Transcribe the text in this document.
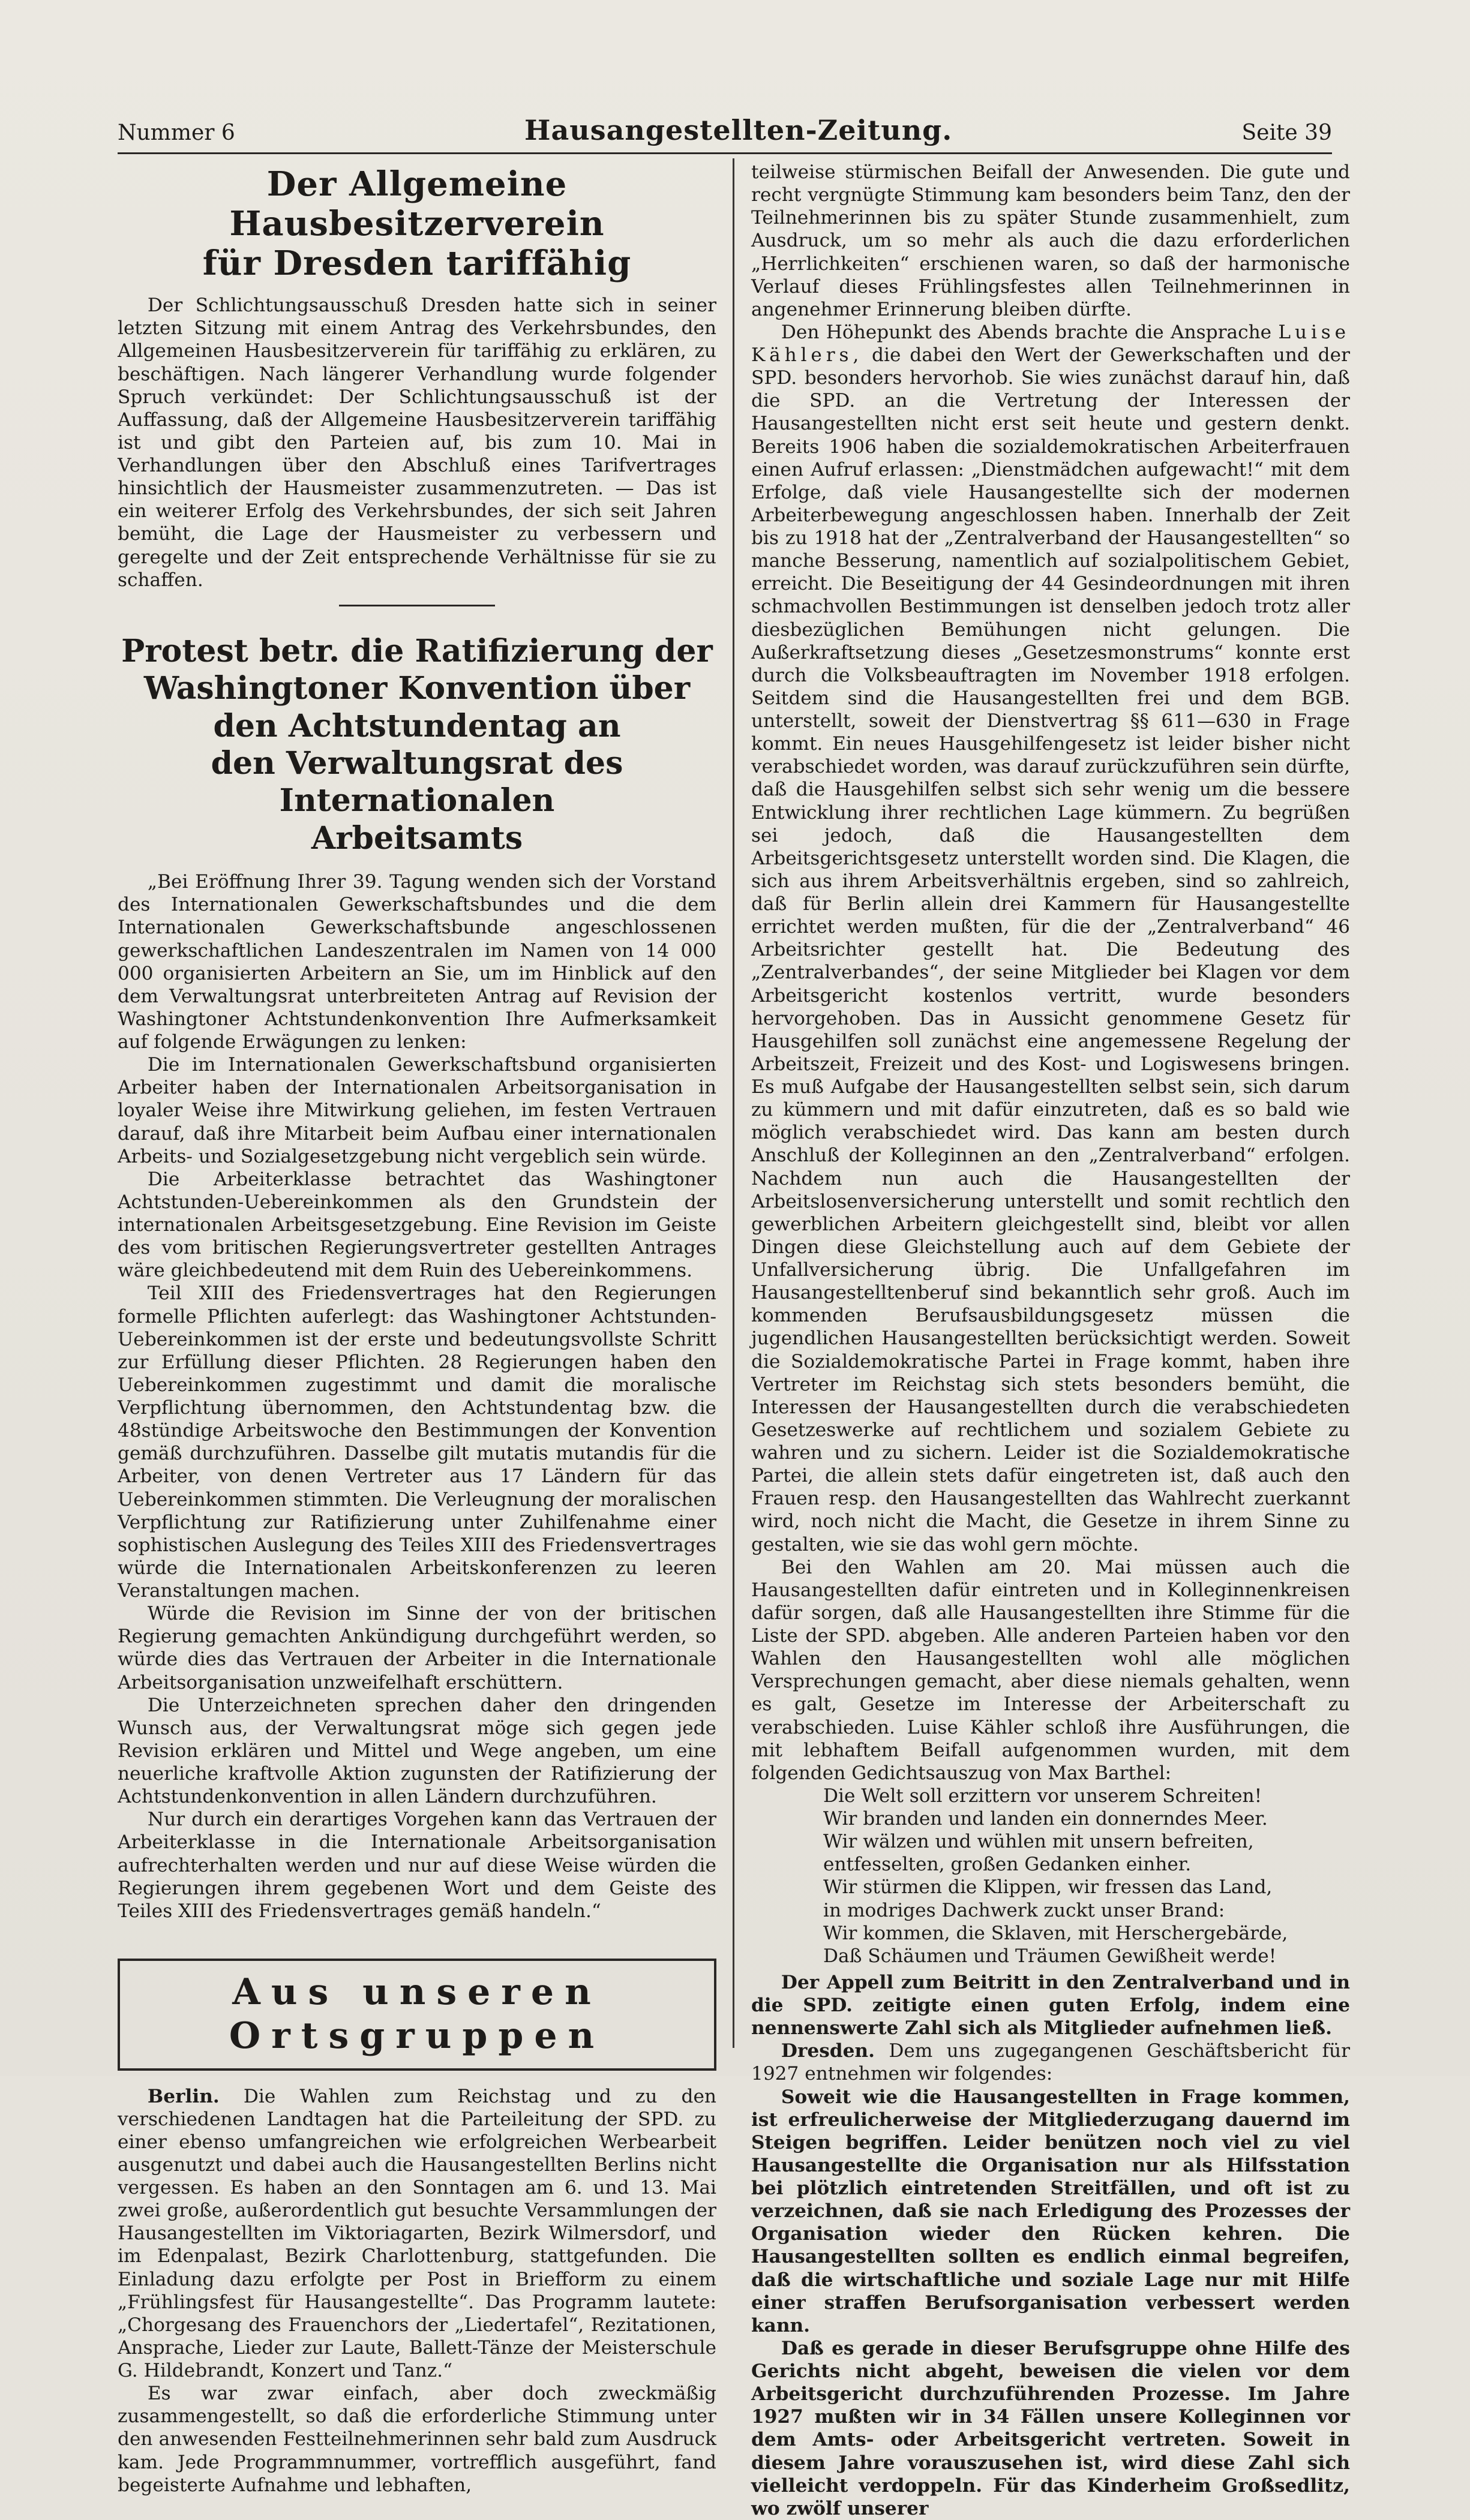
Nummer 6	Hausangestellten-Zeitung.	Seite 39
Der Allgemeine Hausbesitzerverein
für Dresden tariffähig

Der Schlichtungsausschuß Dresden hatte sich in seiner letzten Sitzung mit einem Antrag des Verkehrsbundes, den Allgemeinen Hausbesitzerverein für tariffähig zu erklären, zu beschäftigen. Nach längerer Verhandlung wurde folgender Spruch verkündet: Der Schlichtungsausschuß ist der Auffassung, daß der Allgemeine Hausbesitzerverein tariffähig ist und gibt den Parteien auf, bis zum 10. Mai in Verhandlungen über den Abschluß eines Tarifvertrages hinsichtlich der Hausmeister zusammenzutreten. — Das ist ein weiterer Erfolg des Verkehrsbundes, der sich seit Jahren bemüht, die Lage der Hausmeister zu verbessern und geregelte und der Zeit entsprechende Verhältnisse für sie zu schaffen.

Protest betr. die Ratifizierung der Washingtoner Konvention über den Achtstundentag an
den Verwaltungsrat des Internationalen
Arbeitsamts

„Bei Eröffnung Ihrer 39. Tagung wenden sich der Vorstand des Internationalen Gewerkschaftsbundes und die dem Internationalen Gewerkschaftsbunde angeschlossenen gewerkschaftlichen Landeszentralen im Namen von 14 000 000 organisierten Arbeitern an Sie, um im Hinblick auf den dem Verwaltungsrat unterbreiteten Antrag auf Revision der Washingtoner Achtstundenkonvention Ihre Aufmerksamkeit auf folgende Erwägungen zu lenken:

Die im Internationalen Gewerkschaftsbund organisierten Arbeiter haben der Internationalen Arbeitsorganisation in loyaler Weise ihre Mitwirkung geliehen, im festen Vertrauen darauf, daß ihre Mitarbeit beim Aufbau einer internationalen Arbeits- und Sozialgesetzgebung nicht vergeblich sein würde.

Die Arbeiterklasse betrachtet das Washingtoner Achtstunden-Uebereinkommen als den Grundstein der internationalen Arbeitsgesetzgebung. Eine Revision im Geiste des vom britischen Regierungsvertreter gestellten Antrages wäre gleichbedeutend mit dem Ruin des Uebereinkommens.

Teil XIII des Friedensvertrages hat den Regierungen formelle Pflichten auferlegt: das Washingtoner Achtstunden-Uebereinkommen ist der erste und bedeutungsvollste Schritt zur Erfüllung dieser Pflichten. 28 Regierungen haben den Uebereinkommen zugestimmt und damit die moralische Verpflichtung übernommen, den Achtstundentag bzw. die 48stündige Arbeitswoche den Bestimmungen der Konvention gemäß durchzuführen. Dasselbe gilt mutatis mutandis für die Arbeiter, von denen Vertreter aus 17 Ländern für das Uebereinkommen stimmten. Die Verleugnung der moralischen Verpflichtung zur Ratifizierung unter Zuhilfenahme einer sophistischen Auslegung des Teiles XIII des Friedensvertrages würde die Internationalen Arbeitskonferenzen zu leeren Veranstaltungen machen.

Würde die Revision im Sinne der von der britischen Regierung gemachten Ankündigung durchgeführt werden, so würde dies das Vertrauen der Arbeiter in die Internationale Arbeitsorganisation unzweifelhaft erschüttern.

Die Unterzeichneten sprechen daher den dringenden Wunsch aus, der Verwaltungsrat möge sich gegen jede Revision erklären und Mittel und Wege angeben, um eine neuerliche kraftvolle Aktion zugunsten der Ratifizierung der Achtstundenkonvention in allen Ländern durchzuführen.

Nur durch ein derartiges Vorgehen kann das Vertrauen der Arbeiterklasse in die Internationale Arbeitsorganisation aufrechterhalten werden und nur auf diese Weise würden die Regierungen ihrem gegebenen Wort und dem Geiste des Teiles XIII des Friedensvertrages gemäß handeln.“

Aus unseren Ortsgruppen

Berlin. Die Wahlen zum Reichstag und zu den verschiedenen Landtagen hat die Parteileitung der SPD. zu einer ebenso umfangreichen wie erfolgreichen Werbearbeit ausgenutzt und dabei auch die Hausangestellten Berlins nicht vergessen. Es haben an den Sonntagen am 6. und 13. Mai zwei große, außerordentlich gut besuchte Versammlungen der Hausangestellten im Viktoriagarten, Bezirk Wilmersdorf, und im Edenpalast, Bezirk Charlottenburg, stattgefunden. Die Einladung dazu erfolgte per Post in Briefform zu einem „Frühlingsfest für Hausangestellte“. Das Programm lautete: „Chorgesang des Frauenchors der „Liedertafel“, Rezitationen, Ansprache, Lieder zur Laute, Ballett-Tänze der Meisterschule G. Hildebrandt, Konzert und Tanz.“

Es war zwar einfach, aber doch zweckmäßig zusammengestellt, so daß die erforderliche Stimmung unter den anwesenden Festteilnehmerinnen sehr bald zum Ausdruck kam. Jede Programmnummer, vortrefflich ausgeführt, fand begeisterte Aufnahme und lebhaften,

teilweise stürmischen Beifall der Anwesenden. Die gute und recht vergnügte Stimmung kam besonders beim Tanz, den der Teilnehmerinnen bis zu später Stunde zusammenhielt, zum Ausdruck, um so mehr als auch die dazu erforderlichen „Herrlichkeiten“ erschienen waren, so daß der harmonische Verlauf dieses Frühlingsfestes allen Teilnehmerinnen in angenehmer Erinnerung bleiben dürfte.

Den Höhepunkt des Abends brachte die Ansprache Luise Kählers, die dabei den Wert der Gewerkschaften und der SPD. besonders hervorhob. Sie wies zunächst darauf hin, daß die SPD. an die Vertretung der Interessen der Hausangestellten nicht erst seit heute und gestern denkt. Bereits 1906 haben die sozialdemokratischen Arbeiterfrauen einen Aufruf erlassen: „Dienstmädchen aufgewacht!“ mit dem Erfolge, daß viele Hausangestellte sich der modernen Arbeiterbewegung angeschlossen haben. Innerhalb der Zeit bis zu 1918 hat der „Zentralverband der Hausangestellten“ so manche Besserung, namentlich auf sozialpolitischem Gebiet, erreicht. Die Beseitigung der 44 Gesindeordnungen mit ihren schmachvollen Bestimmungen ist denselben jedoch trotz aller diesbezüglichen Bemühungen nicht gelungen. Die Außerkraftsetzung dieses „Gesetzesmonstrums“ konnte erst durch die Volksbeauftragten im November 1918 erfolgen. Seitdem sind die Hausangestellten frei und dem BGB. unterstellt, soweit der Dienstvertrag §§ 611—630 in Frage kommt. Ein neues Hausgehilfengesetz ist leider bisher nicht verabschiedet worden, was darauf zurückzuführen sein dürfte, daß die Hausgehilfen selbst sich sehr wenig um die bessere Entwicklung ihrer rechtlichen Lage kümmern. Zu begrüßen sei jedoch, daß die Hausangestellten dem Arbeitsgerichtsgesetz unterstellt worden sind. Die Klagen, die sich aus ihrem Arbeitsverhältnis ergeben, sind so zahlreich, daß für Berlin allein drei Kammern für Hausangestellte errichtet werden mußten, für die der „Zentralverband“ 46 Arbeitsrichter gestellt hat. Die Bedeutung des „Zentralverbandes“, der seine Mitglieder bei Klagen vor dem Arbeitsgericht kostenlos vertritt, wurde besonders hervorgehoben. Das in Aussicht genommene Gesetz für Hausgehilfen soll zunächst eine angemessene Regelung der Arbeitszeit, Freizeit und des Kost- und Logiswesens bringen. Es muß Aufgabe der Hausangestellten selbst sein, sich darum zu kümmern und mit dafür einzutreten, daß es so bald wie möglich verabschiedet wird. Das kann am besten durch Anschluß der Kolleginnen an den „Zentralverband“ erfolgen. Nachdem nun auch die Hausangestellten der Arbeitslosenversicherung unterstellt und somit rechtlich den gewerblichen Arbeitern gleichgestellt sind, bleibt vor allen Dingen diese Gleichstellung auch auf dem Gebiete der Unfallversicherung übrig. Die Unfallgefahren im Hausangestelltenberuf sind bekanntlich sehr groß. Auch im kommenden Berufsausbildungsgesetz müssen die jugendlichen Hausangestellten berücksichtigt werden. Soweit die Sozialdemokratische Partei in Frage kommt, haben ihre Vertreter im Reichstag sich stets besonders bemüht, die Interessen der Hausangestellten durch die verabschiedeten Gesetzeswerke auf rechtlichem und sozialem Gebiete zu wahren und zu sichern. Leider ist die Sozialdemokratische Partei, die allein stets dafür eingetreten ist, daß auch den Frauen resp. den Hausangestellten das Wahlrecht zuerkannt wird, noch nicht die Macht, die Gesetze in ihrem Sinne zu gestalten, wie sie das wohl gern möchte.

Bei den Wahlen am 20. Mai müssen auch die Hausangestellten dafür eintreten und in Kolleginnenkreisen dafür sorgen, daß alle Hausangestellten ihre Stimme für die Liste der SPD. abgeben. Alle anderen Parteien haben vor den Wahlen den Hausangestellten wohl alle möglichen Versprechungen gemacht, aber diese niemals gehalten, wenn es galt, Gesetze im Interesse der Arbeiterschaft zu verabschieden. Luise Kähler schloß ihre Ausführungen, die mit lebhaftem Beifall aufgenommen wurden, mit dem folgenden Gedichtsauszug von Max Barthel:

Die Welt soll erzittern vor unserem Schreiten!
Wir branden und landen ein donnerndes Meer.
Wir wälzen und wühlen mit unsern befreiten,
entfesselten, großen Gedanken einher.
Wir stürmen die Klippen, wir fressen das Land,
in modriges Dachwerk zuckt unser Brand:
Wir kommen, die Sklaven, mit Herschergebärde,
Daß Schäumen und Träumen Gewißheit werde!

Der Appell zum Beitritt in den Zentralverband und in die SPD. zeitigte einen guten Erfolg, indem eine nennenswerte Zahl sich als Mitglieder aufnehmen ließ.

Dresden. Dem uns zugegangenen Geschäftsbericht für 1927 entnehmen wir folgendes:

Soweit wie die Hausangestellten in Frage kommen, ist erfreulicherweise der Mitgliederzugang dauernd im Steigen begriffen. Leider benützen noch viel zu viel Hausangestellte die Organisation nur als Hilfsstation bei plötzlich eintretenden Streitfällen, und oft ist zu verzeichnen, daß sie nach Erledigung des Prozesses der Organisation wieder den Rücken kehren. Die Hausangestellten sollten es endlich einmal begreifen, daß die wirtschaftliche und soziale Lage nur mit Hilfe einer straffen Berufsorganisation verbessert werden kann.

Daß es gerade in dieser Berufsgruppe ohne Hilfe des Gerichts nicht abgeht, beweisen die vielen vor dem Arbeitsgericht durchzuführenden Prozesse. Im Jahre 1927 mußten wir in 34 Fällen unsere Kolleginnen vor dem Amts- oder Arbeitsgericht vertreten. Soweit in diesem Jahre vorauszusehen ist, wird diese Zahl sich vielleicht verdoppeln. Für das Kinderheim Großsedlitz, wo zwölf unserer
